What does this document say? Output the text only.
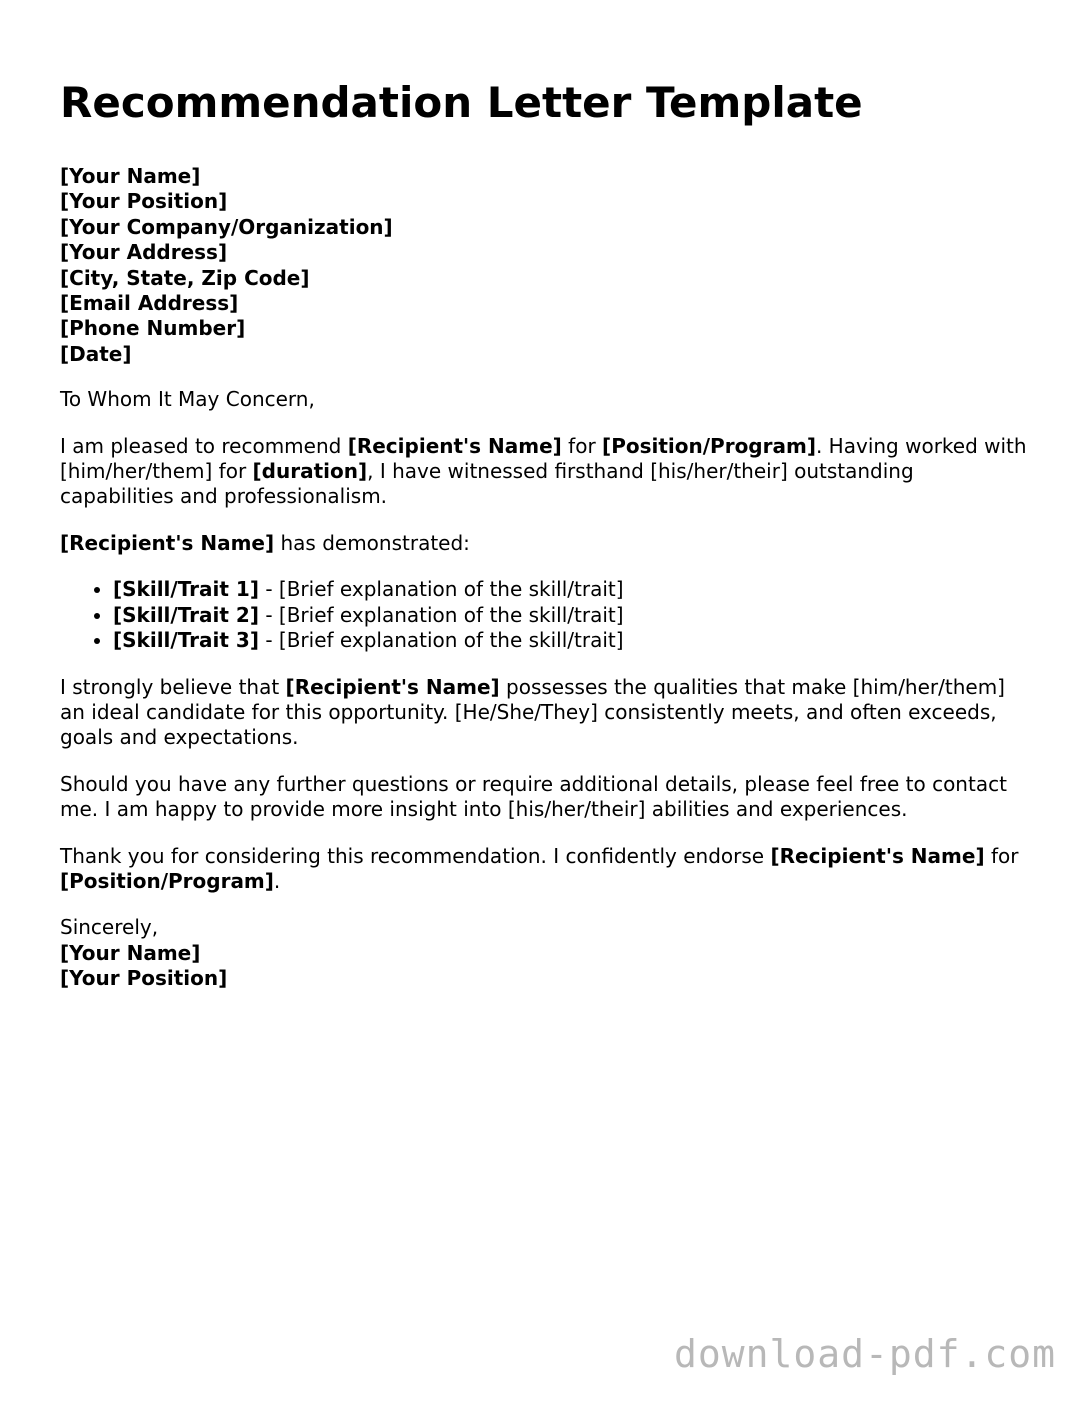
Recommendation Letter Template
[Your Name]
[Your Position]
[Your Company/Organization]
[Your Address]
[City, State, Zip Code]
[Email Address]
[Phone Number]
[Date]

To Whom It May Concern,

I am pleased to recommend [Recipient's Name] for [Position/Program]. Having worked with [him/her/them] for [duration], I have witnessed firsthand [his/her/their] outstanding capabilities and professionalism.

[Recipient's Name] has demonstrated:

• [Skill/Trait 1] - [Brief explanation of the skill/trait]
• [Skill/Trait 2] - [Brief explanation of the skill/trait]
• [Skill/Trait 3] - [Brief explanation of the skill/trait]

I strongly believe that [Recipient's Name] possesses the qualities that make [him/her/them] an ideal candidate for this opportunity. [He/She/They] consistently meets, and often exceeds, goals and expectations.

Should you have any further questions or require additional details, please feel free to contact me. I am happy to provide more insight into [his/her/their] abilities and experiences.

Thank you for considering this recommendation. I confidently endorse [Recipient's Name] for [Position/Program].

Sincerely,
[Your Name]
[Your Position]
download-pdf.com
